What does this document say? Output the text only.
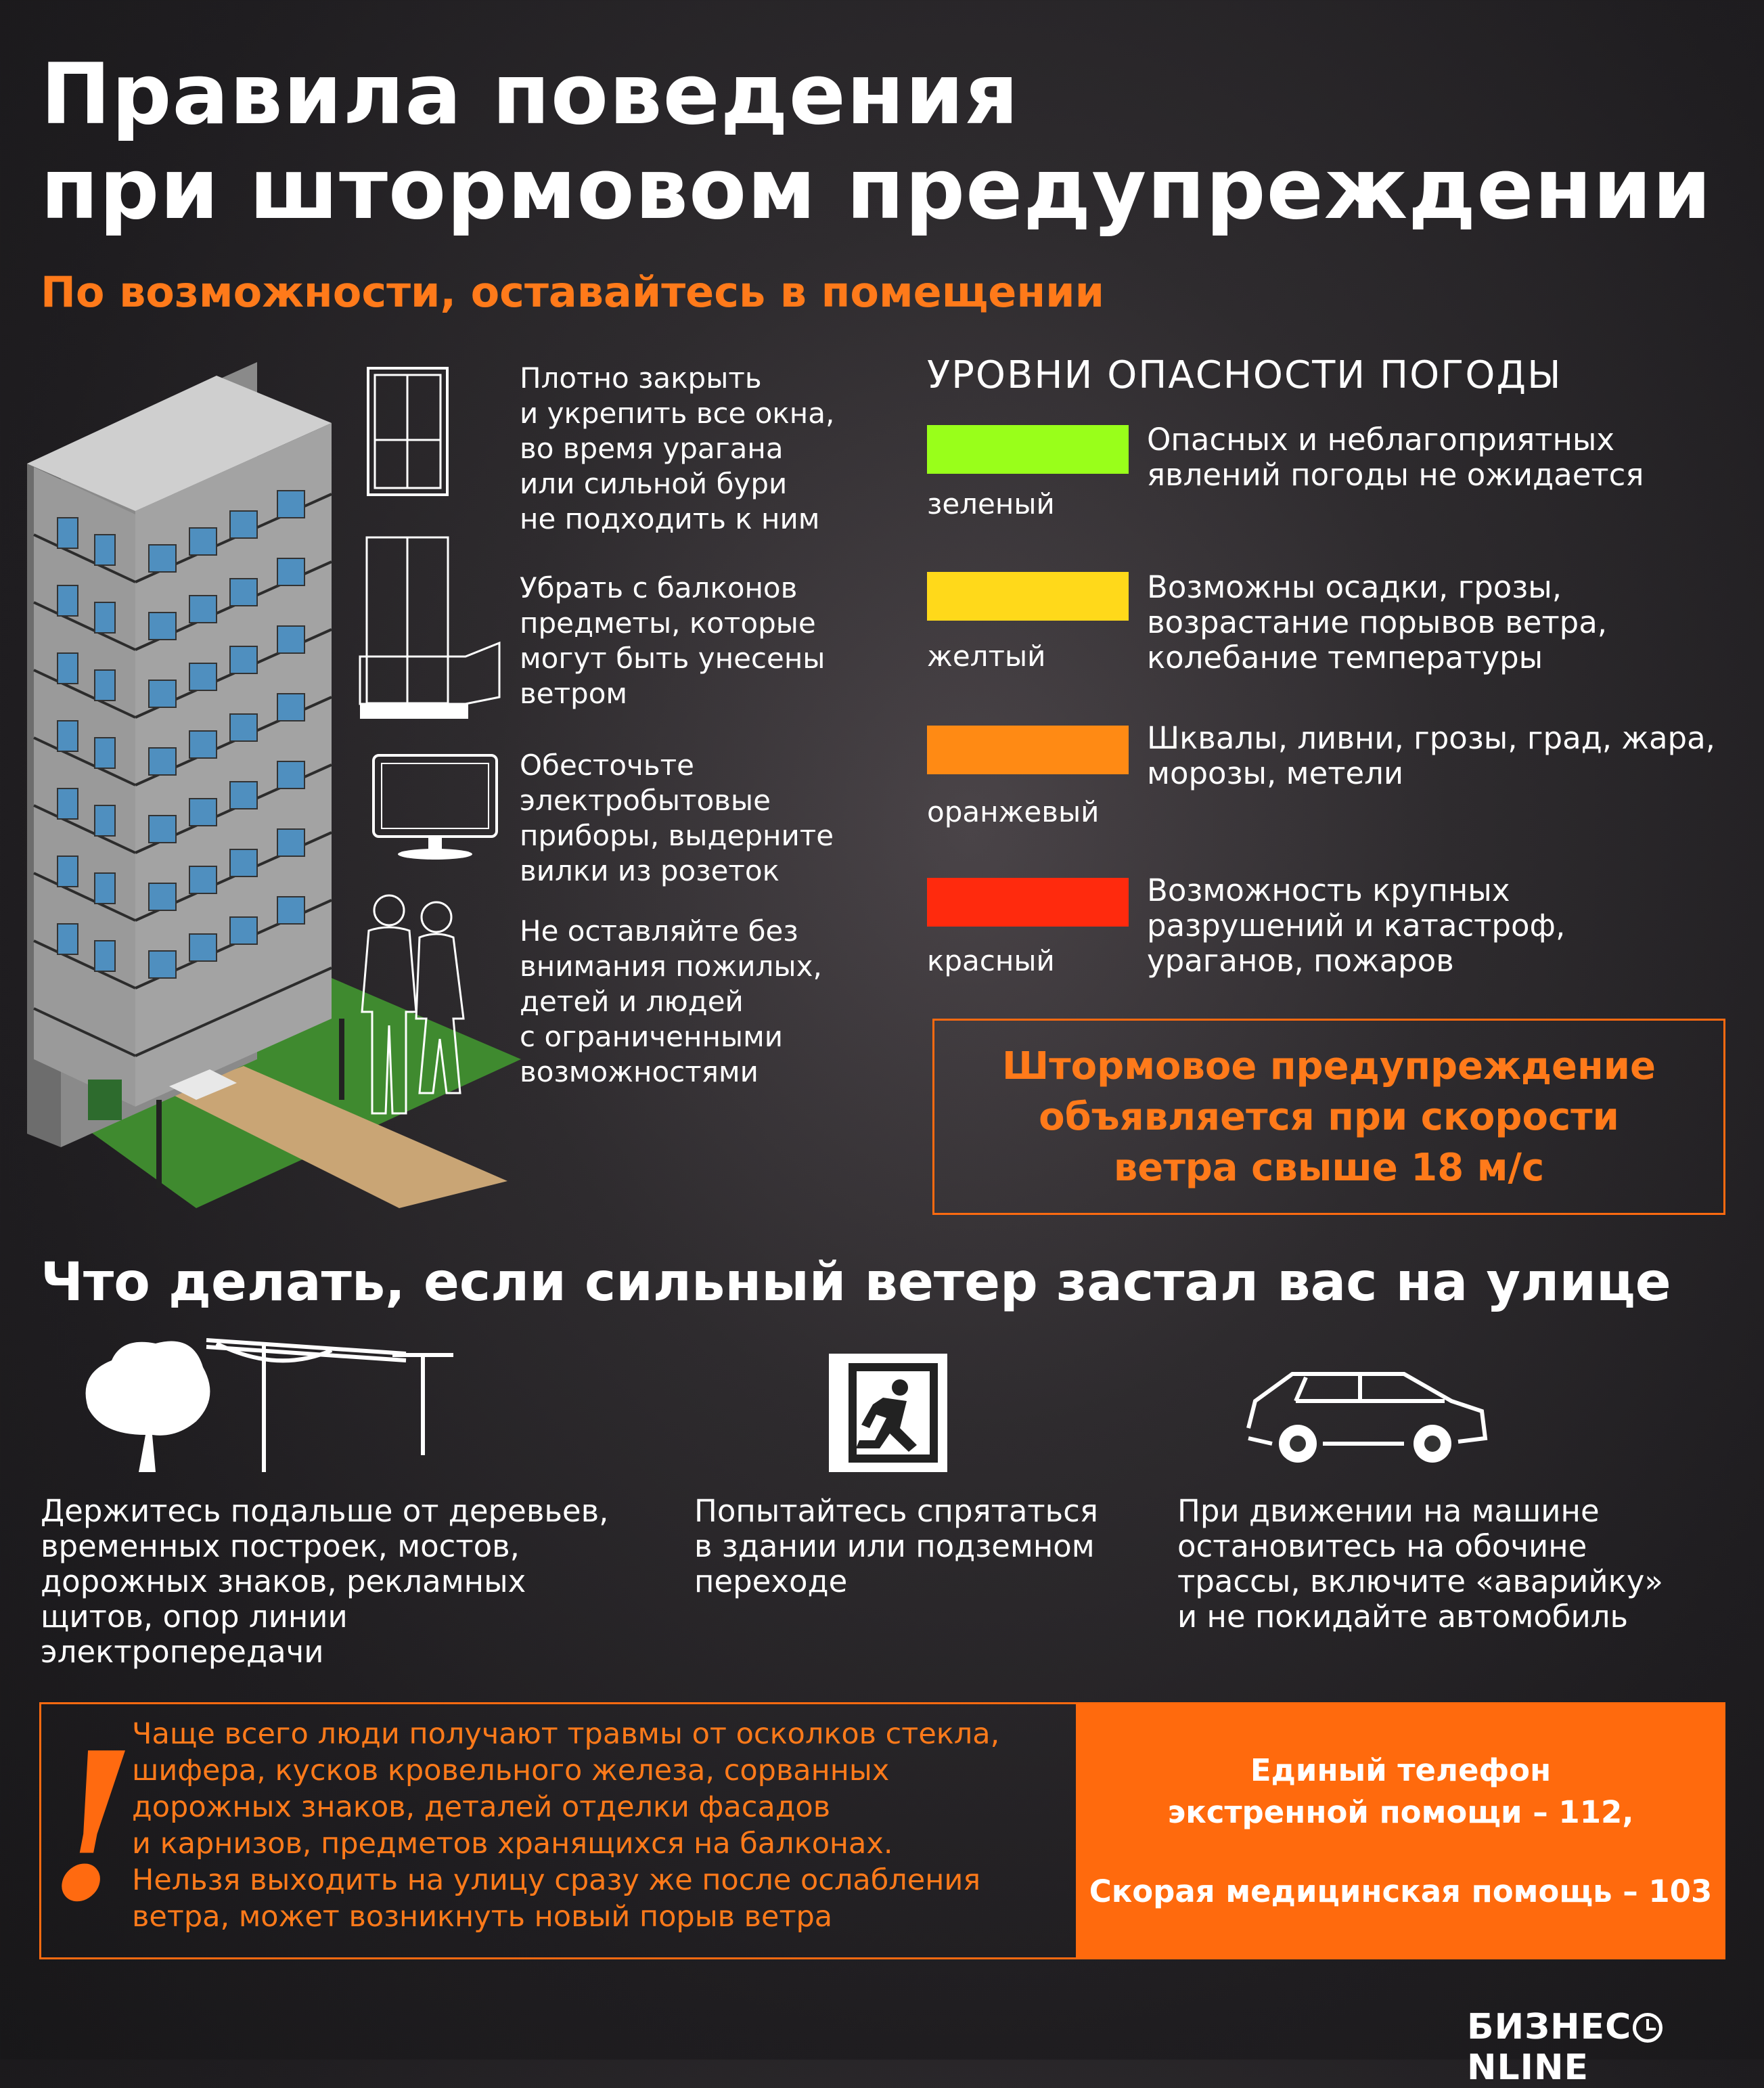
Правила поведения
при штормовом предупреждении
По возможности, оставайтесь в помещении
Плотно закрыть
и укрепить все окна,
во время урагана
или сильной бури
не подходить к ним
Убрать с балконов
предметы, которые
могут быть унесены
ветром
Обесточьте
электробытовые
приборы, выдерните
вилки из розеток
Не оставляйте без
внимания пожилых,
детей и людей
с ограниченными
возможностями
УРОВНИ ОПАСНОСТИ ПОГОДЫ
зеленый
Опасных и неблагоприятных
явлений погоды не ожидается
желтый
Возможны осадки, грозы,
возрастание порывов ветра,
колебание температуры
оранжевый
Шквалы, ливни, грозы, град, жара,
морозы, метели
красный
Возможность крупных
разрушений и катастроф,
ураганов, пожаров
Штормовое предупреждение
объявляется при скорости
ветра свыше 18 м/с
Что делать, если сильный ветер застал вас на улице
Держитесь подальше от деревьев,
временных построек, мостов,
дорожных знаков, рекламных
щитов, опор линии
электропередачи
Попытайтесь спрятаться
в здании или подземном
переходе
При движении на машине
остановитесь на обочине
трассы, включите «аварийку»
и не покидайте автомобиль
!
Чаще всего люди получают травмы от осколков стекла,
шифера, кусков кровельного железа, сорванных
дорожных знаков, деталей отделки фасадов
и карнизов, предметов хранящихся на балконах.
Нельзя выходить на улицу сразу же после ослабления
ветра, может возникнуть новый порыв ветра
Единый телефон
экстренной помощи – 112,
Скорая медицинская помощь – 103
БИЗНЕС
NLINE
